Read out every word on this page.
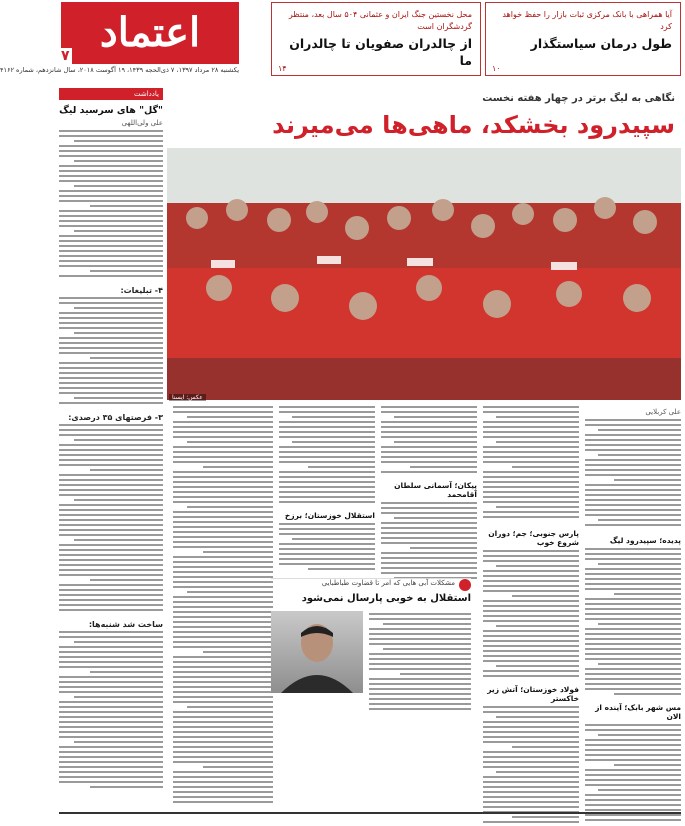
آیا همراهی با بانک مرکزی ثبات بازار را حفظ خواهد کرد
طول درمان سیاستگذار
۱۰
محل نخستین جنگ ایران و عثمانی ۵۰۴ سال بعد، منتظر گردشگران است
از چالدران صفویان تا چالدران ما
۱۴
اعتماد
۷
یکشنبه ۲۸ مرداد ۱۳۹۷، ۷ ذی‌الحجه ۱۴۳۹، ۱۹ آگوست ۲۰۱۸، سال شانزدهم، شماره ۴۱۶۲
یادداشت
"گل" های سرسید لیگ
علی ولی‌اللهی
۴- تبلیغات:
۳- فرصتهای ۳۵ درصدی:
ساخت شد شنبه‌ها:
نگاهی به لیگ برتر در چهار هفته نخست
سپیدرود بخشکد، ماهی‌ها می‌میرند
عکس: ایسنا
علی کربلایی
پدیده؛ سپیدرود لیگ
مس شهر بابک؛ آینده از الان
پارس جنوبی؛ جم؛ دوران شروع خوب
فولاد خوزستان؛ آتش زیر خاکستر
پیکان؛ آسمانی سلطان آقامحمد
استقلال خوزستان؛ برزخ
مشکلات آبی هایی که امر تا قضاوت طباطبایی
استقلال به خوبی پارسال نمی‌شود
